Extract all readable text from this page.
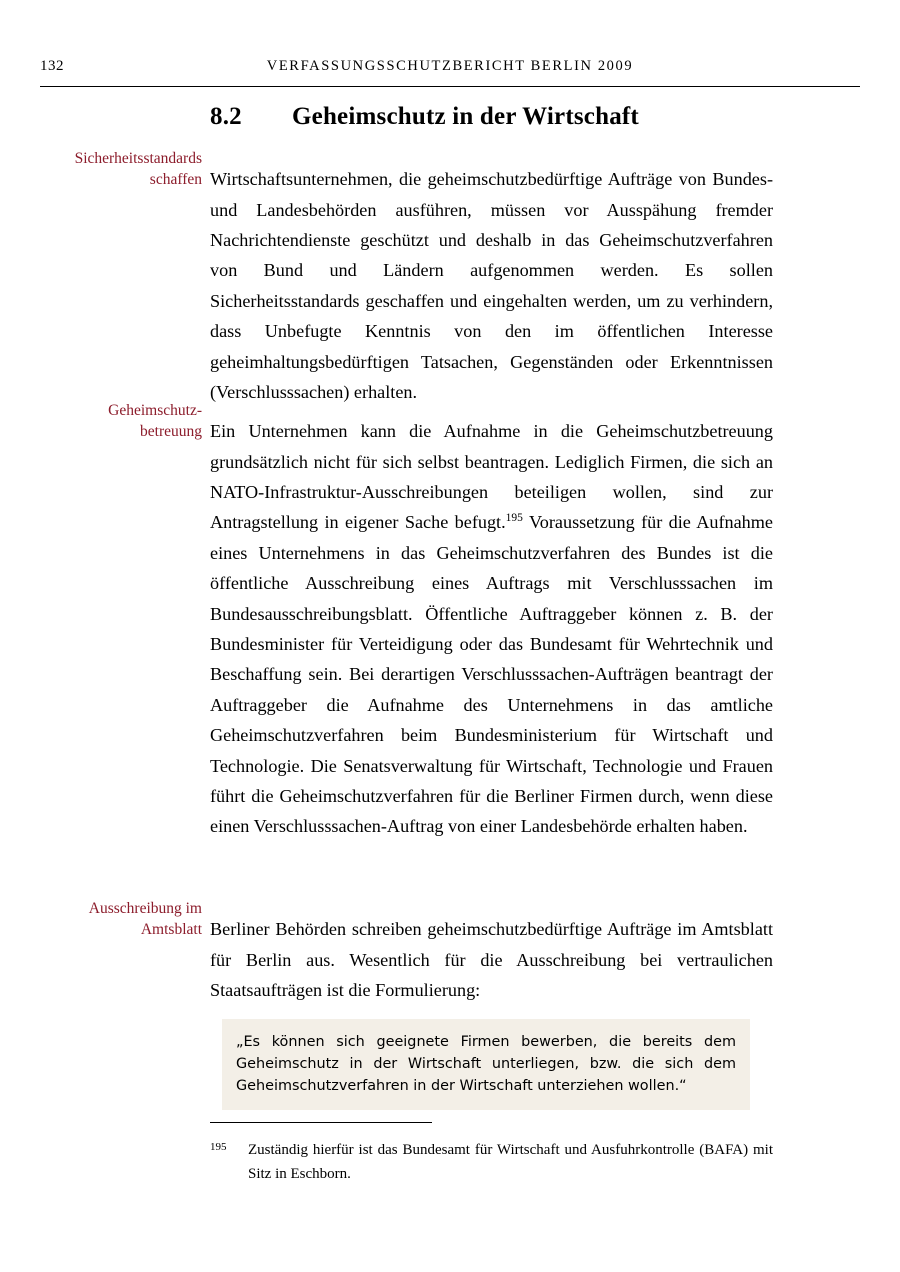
132	VERFASSUNGSSCHUTZBERICHT BERLIN 2009
8.2 Geheimschutz in der Wirtschaft
Sicherheitsstandards schaffen
Geheimschutz-
betreuung
Ausschreibung im Amtsblatt

Wirtschaftsunternehmen, die geheimschutzbedürftige Aufträge von Bundes- und Landesbehörden ausführen, müssen vor Ausspähung fremder Nachrichtendienste geschützt und deshalb in das Geheimschutzverfahren von Bund und Ländern aufgenommen werden. Es sollen Sicherheitsstandards geschaffen und eingehalten werden, um zu verhindern, dass Unbefugte Kenntnis von den im öffentlichen Interesse geheimhaltungsbedürftigen Tatsachen, Gegenständen oder Erkenntnissen (Verschlusssachen) erhalten.

Ein Unternehmen kann die Aufnahme in die Geheimschutzbetreuung grundsätzlich nicht für sich selbst beantragen. Lediglich Firmen, die sich an NATO-Infrastruktur-Ausschreibungen beteiligen wollen, sind zur Antragstellung in eigener Sache befugt.$^{195}$ Voraussetzung für die Aufnahme eines Unternehmens in das Geheimschutzverfahren des Bundes ist die öffentliche Ausschreibung eines Auftrags mit Verschlusssachen im Bundesausschreibungsblatt. Öffentliche Auftraggeber können z. B. der Bundesminister für Verteidigung oder das Bundesamt für Wehrtechnik und Beschaffung sein. Bei derartigen Verschlusssachen-Aufträgen beantragt der Auftraggeber die Aufnahme des Unternehmens in das amtliche Geheimschutzverfahren beim Bundesministerium für Wirtschaft und Technologie. Die Senatsverwaltung für Wirtschaft, Technologie und Frauen führt die Geheimschutzverfahren für die Berliner Firmen durch, wenn diese einen Verschlusssachen-Auftrag von einer Landesbehörde erhalten haben.

Berliner Behörden schreiben geheimschutzbedürftige Aufträge im Amtsblatt für Berlin aus. Wesentlich für die Ausschreibung bei vertraulichen Staatsaufträgen ist die Formulierung:

„Es können sich geeignete Firmen bewerben, die bereits dem Geheimschutz in der Wirtschaft unterliegen, bzw. die sich dem Geheimschutzverfahren in der Wirtschaft unterziehen wollen.“
195 Zuständig hierfür ist das Bundesamt für Wirtschaft und Ausfuhrkontrolle (BAFA) mit Sitz in Eschborn.
